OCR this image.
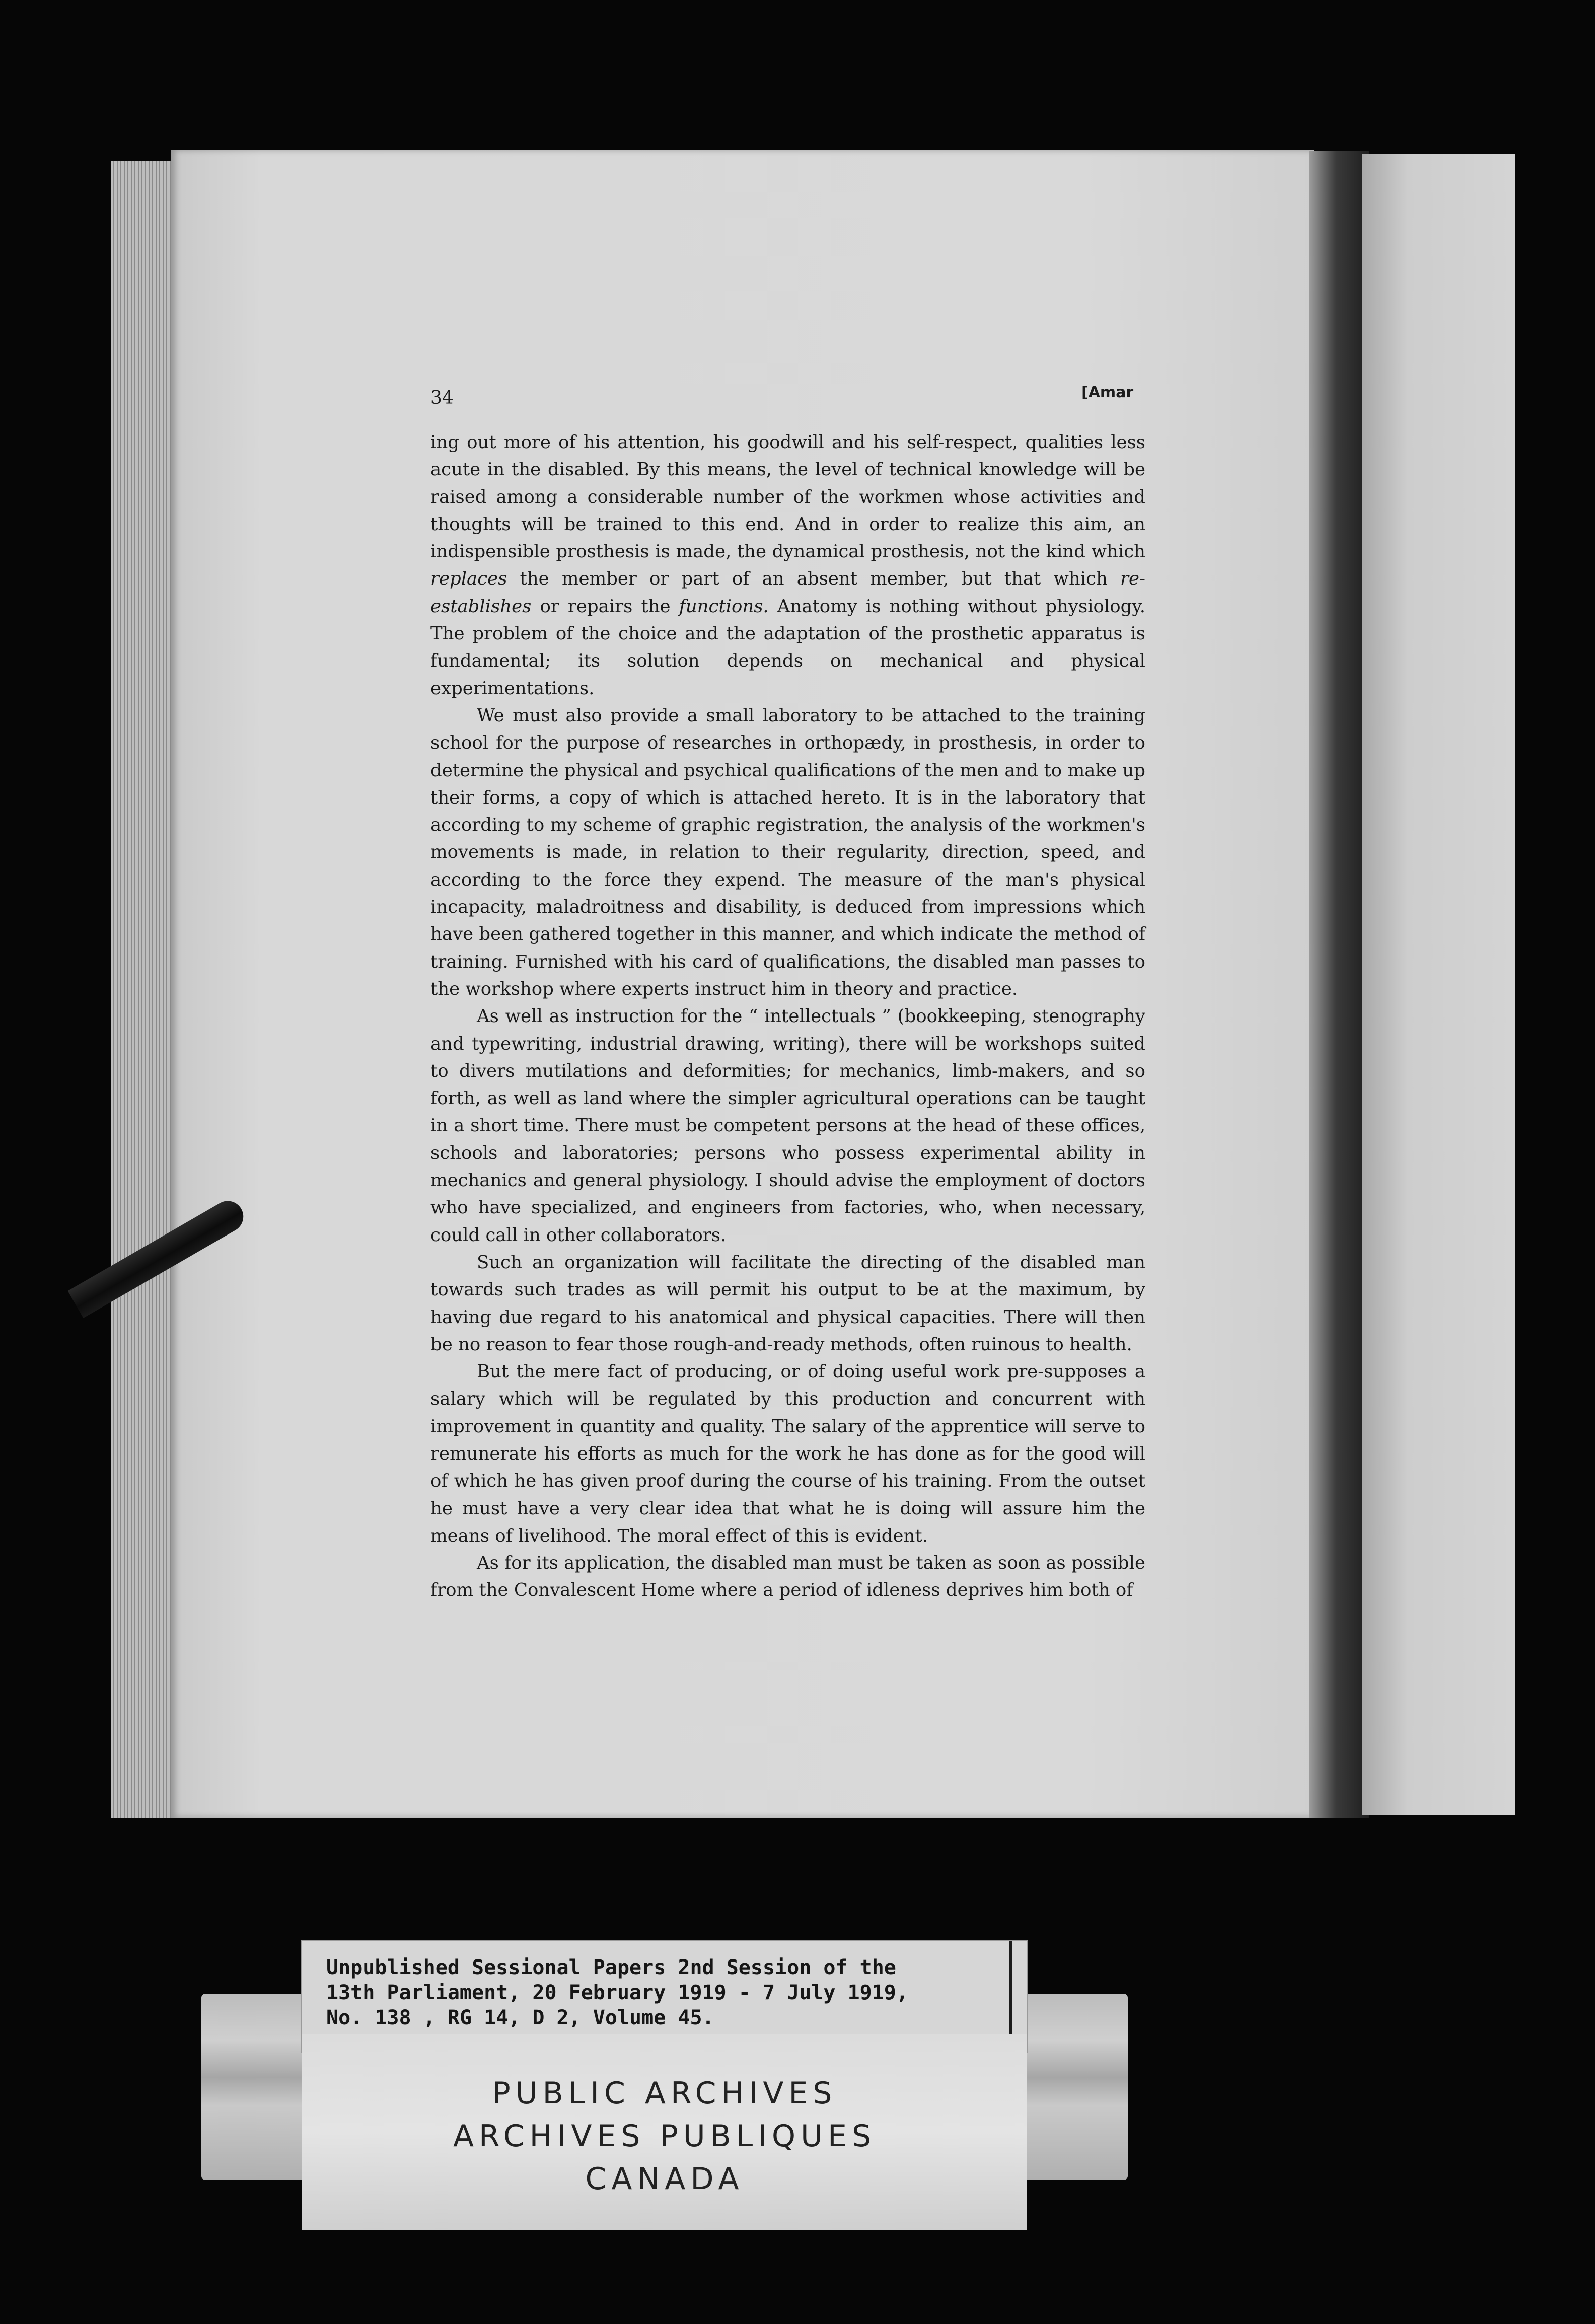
34	[Amar

ing out more of his attention, his goodwill and his self-respect, qualities less acute in the disabled. By this means, the level of technical knowledge will be raised among a considerable number of the workmen whose activities and thoughts will be trained to this end. And in order to realize this aim, an indispensible prosthesis is made, the dynamical prosthesis, not the kind which replaces the member or part of an absent member, but that which re-establishes or repairs the functions. Anatomy is nothing without physiology. The problem of the choice and the adaptation of the prosthetic apparatus is fundamental; its solution depends on mechanical and physical experimentations.

We must also provide a small laboratory to be attached to the training school for the purpose of researches in orthopædy, in prosthesis, in order to determine the physical and psychical qualifications of the men and to make up their forms, a copy of which is attached hereto. It is in the laboratory that according to my scheme of graphic registration, the analysis of the workmen's movements is made, in relation to their regularity, direction, speed, and according to the force they expend. The measure of the man's physical incapacity, maladroitness and disability, is deduced from impressions which have been gathered together in this manner, and which indicate the method of training. Furnished with his card of qualifications, the disabled man passes to the workshop where experts instruct him in theory and practice.

As well as instruction for the “ intellectuals ” (bookkeeping, stenography and typewriting, industrial drawing, writing), there will be workshops suited to divers mutilations and deformities; for mechanics, limb-makers, and so forth, as well as land where the simpler agricultural operations can be taught in a short time. There must be competent persons at the head of these offices, schools and laboratories; persons who possess experimental ability in mechanics and general physiology. I should advise the employment of doctors who have specialized, and engineers from factories, who, when necessary, could call in other collaborators.

Such an organization will facilitate the directing of the disabled man towards such trades as will permit his output to be at the maximum, by having due regard to his anatomical and physical capacities. There will then be no reason to fear those rough-and-ready methods, often ruinous to health.

But the mere fact of producing, or of doing useful work pre-supposes a salary which will be regulated by this production and concurrent with improvement in quantity and quality. The salary of the apprentice will serve to remunerate his efforts as much for the work he has done as for the good will of which he has given proof during the course of his training. From the outset he must have a very clear idea that what he is doing will assure him the means of livelihood. The moral effect of this is evident.

As for its application, the disabled man must be taken as soon as possible from the Convalescent Home where a period of idleness deprives him both of

Unpublished Sessional Papers 2nd Session of the
13th Parliament, 20 February 1919 - 7 July 1919,
No. 138 , RG 14, D 2, Volume 45.
PUBLIC ARCHIVES
ARCHIVES PUBLIQUES
CANADA
